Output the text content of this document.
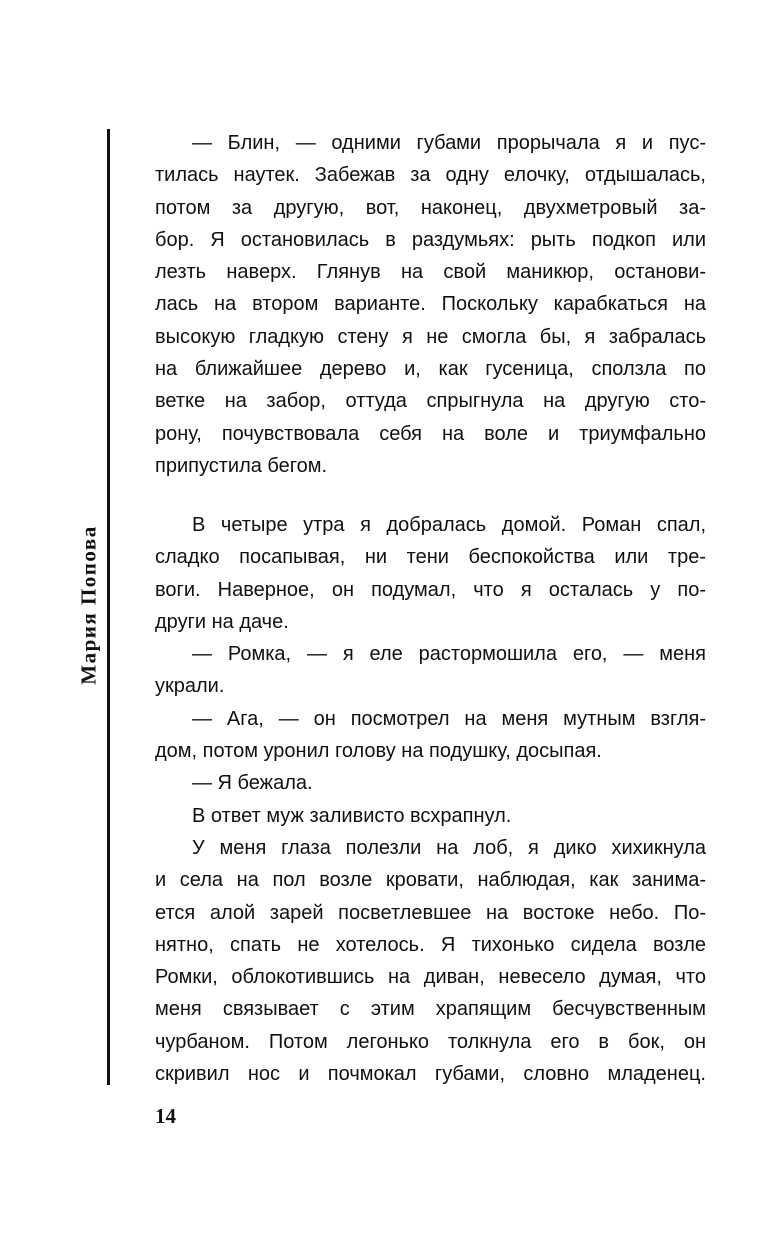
Мария Попова
— Блин, — одними губами прорычала я и пус-
тилась наутек. Забежав за одну елочку, отдышалась,
потом за другую, вот, наконец, двухметровый за-
бор. Я остановилась в раздумьях: рыть подкоп или
лезть наверх. Глянув на свой маникюр, останови-
лась на втором варианте. Поскольку карабкаться на
высокую гладкую стену я не смогла бы, я забралась
на ближайшее дерево и, как гусеница, сползла по
ветке на забор, оттуда спрыгнула на другую сто-
рону, почувствовала себя на воле и триумфально
припустила бегом.
В четыре утра я добралась домой. Роман спал,
сладко посапывая, ни тени беспокойства или тре-
воги. Наверное, он подумал, что я осталась у по-
други на даче.
— Ромка, — я еле растормошила его, — меня
украли.
— Ага, — он посмотрел на меня мутным взгля-
дом, потом уронил голову на подушку, досыпая.
— Я бежала.
В ответ муж заливисто всхрапнул.
У меня глаза полезли на лоб, я дико хихикнула
и села на пол возле кровати, наблюдая, как занима-
ется алой зарей посветлевшее на востоке небо. По-
нятно, спать не хотелось. Я тихонько сидела возле
Ромки, облокотившись на диван, невесело думая, что
меня связывает с этим храпящим бесчувственным
чурбаном. Потом легонько толкнула его в бок, он
скривил нос и почмокал губами, словно младенец.
14
